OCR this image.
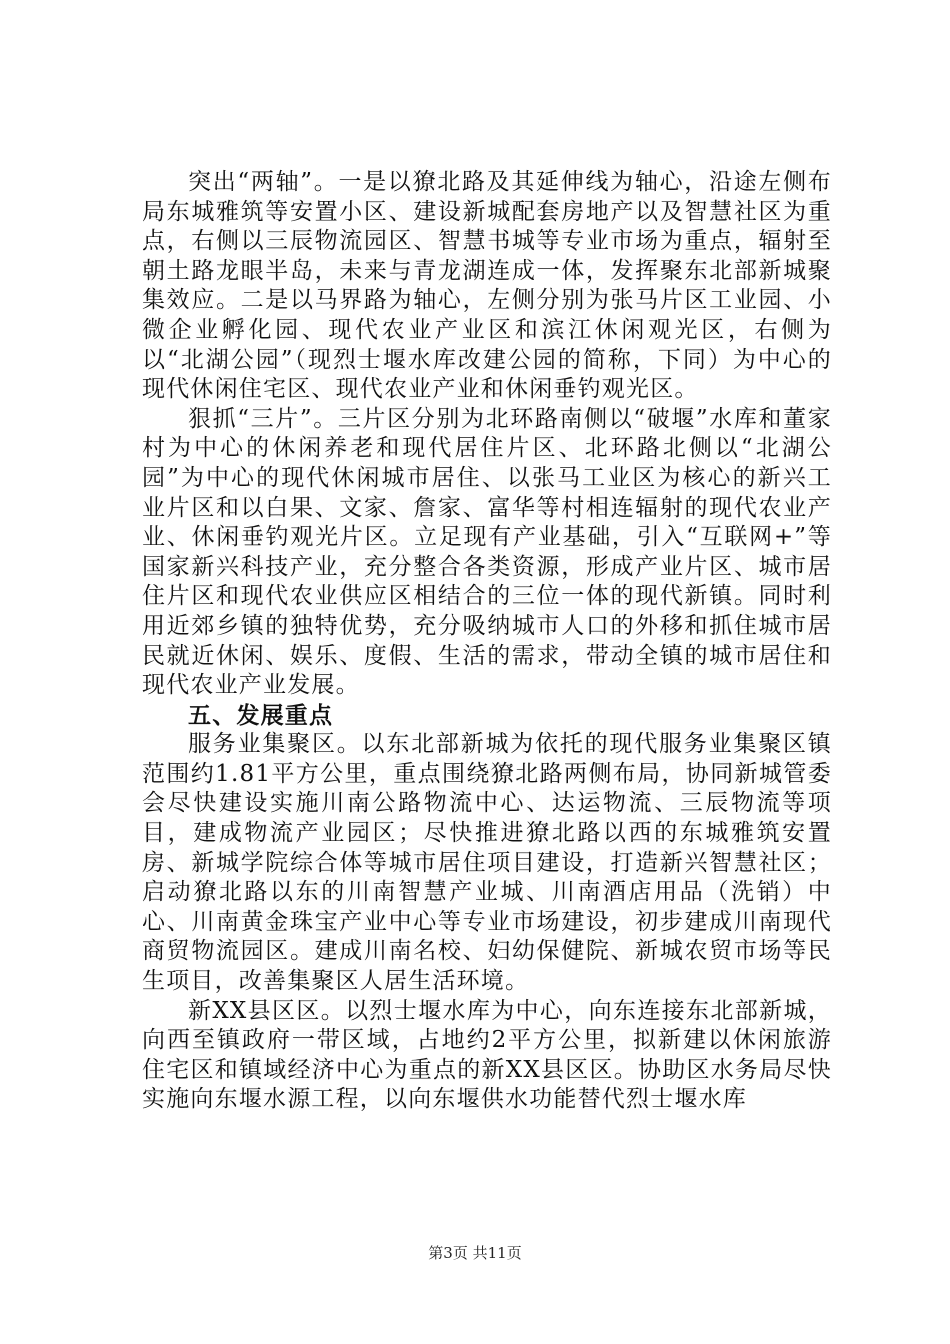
突出“两轴”。一是以獠北路及其延伸线为轴心，沿途左侧布局东城雅筑等安置小区、建设新城配套房地产以及智慧社区为重点，右侧以三辰物流园区、智慧书城等专业市场为重点，辐射至朝土路龙眼半岛，未来与青龙湖连成一体，发挥聚东北部新城聚集效应。二是以马界路为轴心，左侧分别为张马片区工业园、小微企业孵化园、现代农业产业区和滨江休闲观光区，右侧为以“北湖公园”（现烈士堰水库改建公园的简称，下同）为中心的现代休闲住宅区、现代农业产业和休闲垂钓观光区。

狠抓“三片”。三片区分别为北环路南侧以“破堰”水库和董家村为中心的休闲养老和现代居住片区、北环路北侧以“北湖公园”为中心的现代休闲城市居住、以张马工业区为核心的新兴工业片区和以白果、文家、詹家、富华等村相连辐射的现代农业产业、休闲垂钓观光片区。立足现有产业基础，引入“互联网+”等国家新兴科技产业，充分整合各类资源，形成产业片区、城市居住片区和现代农业供应区相结合的三位一体的现代新镇。同时利用近郊乡镇的独特优势，充分吸纳城市人口的外移和抓住城市居民就近休闲、娱乐、度假、生活的需求，带动全镇的城市居住和现代农业产业发展。

五、发展重点

服务业集聚区。以东北部新城为依托的现代服务业集聚区镇范围约1.81平方公里，重点围绕獠北路两侧布局，协同新城管委会尽快建设实施川南公路物流中心、达运物流、三辰物流等项目，建成物流产业园区；尽快推进獠北路以西的东城雅筑安置房、新城学院综合体等城市居住项目建设，打造新兴智慧社区；启动獠北路以东的川南智慧产业城、川南酒店用品（洗销）中心、川南黄金珠宝产业中心等专业市场建设，初步建成川南现代商贸物流园区。建成川南名校、妇幼保健院、新城农贸市场等民生项目，改善集聚区人居生活环境。

新XX县区区。以烈士堰水库为中心，向东连接东北部新城，向西至镇政府一带区域，占地约2平方公里，拟新建以休闲旅游住宅区和镇域经济中心为重点的新XX县区区。协助区水务局尽快实施向东堰水源工程，以向东堰供水功能替代烈士堰水库

第3页 共11页
